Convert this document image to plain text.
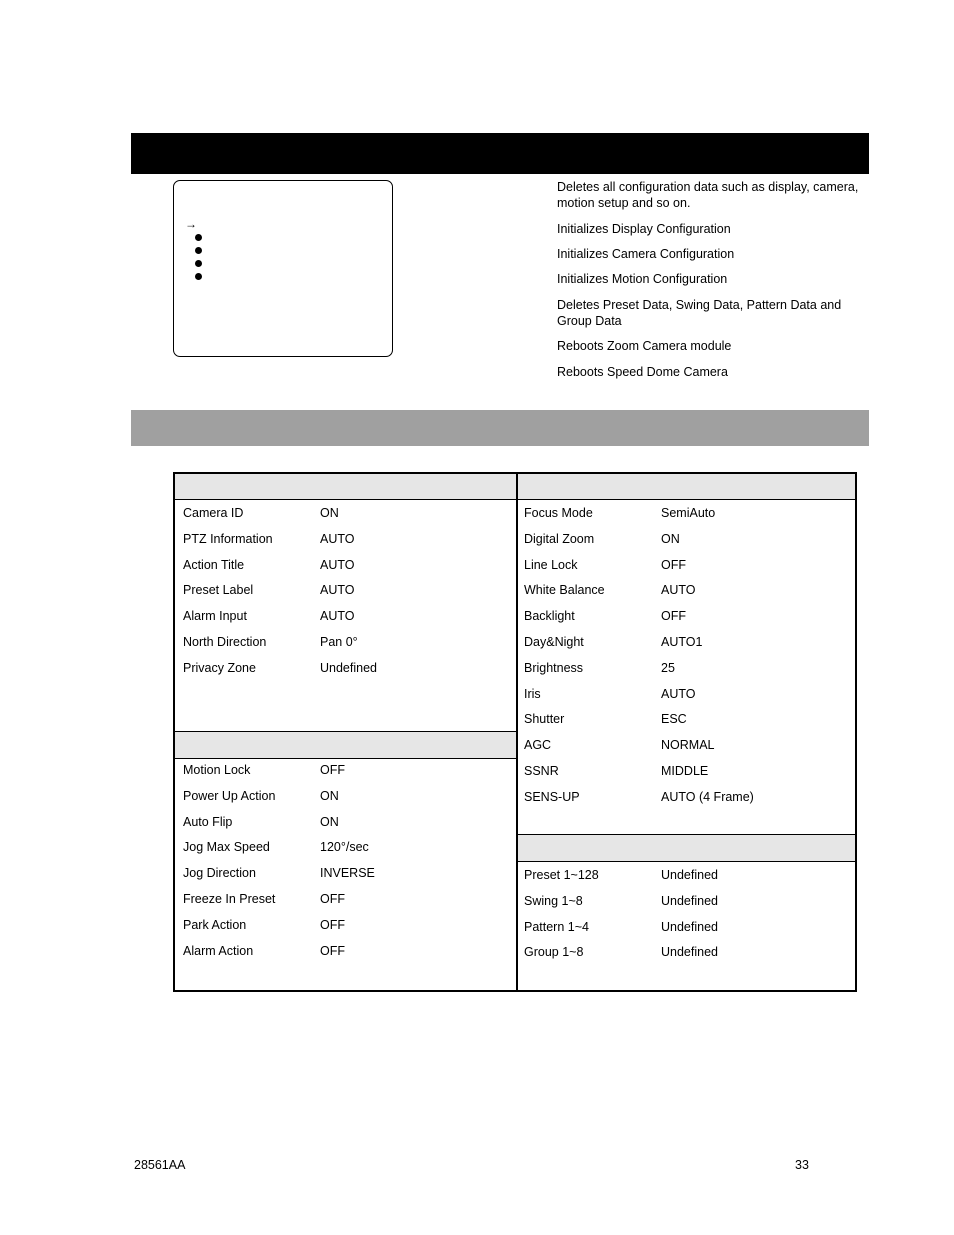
→
Deletes all configuration data such as display, camera, motion setup and so on.
Initializes Display Configuration
Initializes Camera Configuration
Initializes Motion Configuration
Deletes Preset Data, Swing Data, Pattern Data and Group Data
Reboots Zoom Camera module
Reboots Speed Dome Camera
Camera ID	ON
PTZ Information	AUTO
Action Title	AUTO
Preset Label	AUTO
Alarm Input	AUTO
North Direction	Pan 0°
Privacy Zone	Undefined
Motion Lock	OFF
Power Up Action	ON
Auto Flip	ON
Jog Max Speed	120°/sec
Jog Direction	INVERSE
Freeze In Preset	OFF
Park Action	OFF
Alarm Action	OFF
Focus Mode	SemiAuto
Digital Zoom	ON
Line Lock	OFF
White Balance	AUTO
Backlight	OFF
Day&Night	AUTO1
Brightness	25
Iris	AUTO
Shutter	ESC
AGC	NORMAL
SSNR	MIDDLE
SENS-UP	AUTO (4 Frame)
Preset 1~128	Undefined
Swing 1~8	Undefined
Pattern 1~4	Undefined
Group 1~8	Undefined
28561AA	33
